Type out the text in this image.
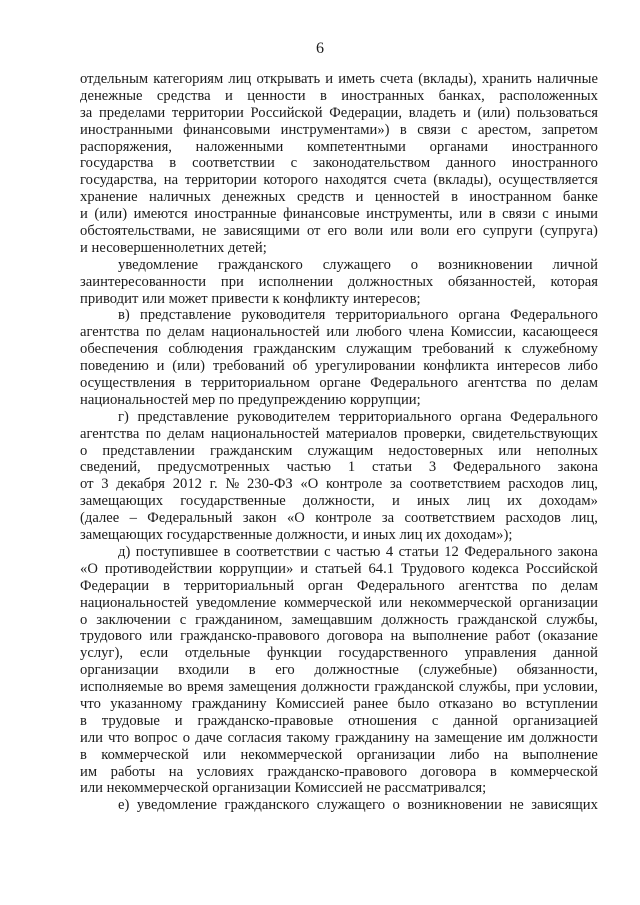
6
отдельным категориям лиц открывать и иметь счета (вклады), хранить наличные
денежные средства и ценности в иностранных банках, расположенных
за пределами территории Российской Федерации, владеть и (или) пользоваться
иностранными финансовыми инструментами») в связи с арестом, запретом
распоряжения, наложенными компетентными органами иностранного
государства в соответствии с законодательством данного иностранного
государства, на территории которого находятся счета (вклады), осуществляется
хранение наличных денежных средств и ценностей в иностранном банке
и (или) имеются иностранные финансовые инструменты, или в связи с иными
обстоятельствами, не зависящими от его воли или воли его супруги (супруга)
и несовершеннолетних детей;
уведомление гражданского служащего о возникновении личной
заинтересованности при исполнении должностных обязанностей, которая
приводит или может привести к конфликту интересов;
в) представление руководителя территориального органа Федерального
агентства по делам национальностей или любого члена Комиссии, касающееся
обеспечения соблюдения гражданским служащим требований к служебному
поведению и (или) требований об урегулировании конфликта интересов либо
осуществления в территориальном органе Федерального агентства по делам
национальностей мер по предупреждению коррупции;
г) представление руководителем территориального органа Федерального
агентства по делам национальностей материалов проверки, свидетельствующих
о представлении гражданским служащим недостоверных или неполных
сведений, предусмотренных частью 1 статьи 3 Федерального закона
от 3 декабря 2012 г. № 230-ФЗ «О контроле за соответствием расходов лиц,
замещающих государственные должности, и иных лиц их доходам»
(далее – Федеральный закон «О контроле за соответствием расходов лиц,
замещающих государственные должности, и иных лиц их доходам»);
д) поступившее в соответствии с частью 4 статьи 12 Федерального закона
«О противодействии коррупции» и статьей 64.1 Трудового кодекса Российской
Федерации в территориальный орган Федерального агентства по делам
национальностей уведомление коммерческой или некоммерческой организации
о заключении с гражданином, замещавшим должность гражданской службы,
трудового или гражданско-правового договора на выполнение работ (оказание
услуг), если отдельные функции государственного управления данной
организации входили в его должностные (служебные) обязанности,
исполняемые во время замещения должности гражданской службы, при условии,
что указанному гражданину Комиссией ранее было отказано во вступлении
в трудовые и гражданско-правовые отношения с данной организацией
или что вопрос о даче согласия такому гражданину на замещение им должности
в коммерческой или некоммерческой организации либо на выполнение
им работы на условиях гражданско-правового договора в коммерческой
или некоммерческой организации Комиссией не рассматривался;
е) уведомление гражданского служащего о возникновении не зависящих
